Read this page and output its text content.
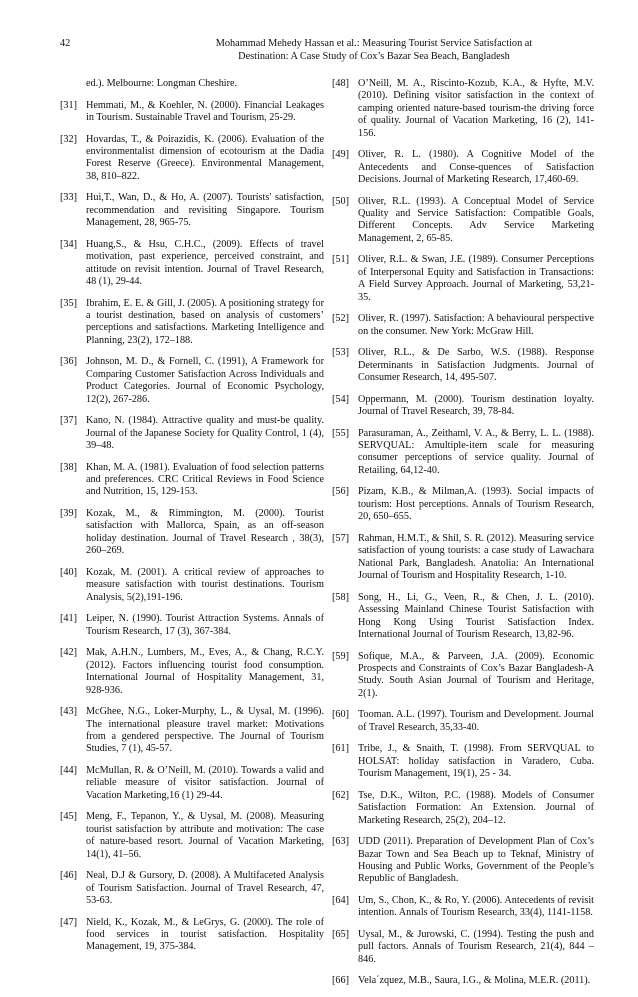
42	Mohammad Mehedy Hassan et al.: Measuring Tourist Service Satisfaction at
Destination: A Case Study of Cox’s Bazar Sea Beach, Bangladesh
ed.). Melbourne: Longman Cheshire.
[31] Hemmati, M., & Koehler, N. (2000). Financial Leakages in Tourism. Sustainable Travel and Tourism, 25-29.
[32] Hovardas, T., & Poirazidis, K. (2006). Evaluation of the environmentalist dimension of ecotourism at the Dadia Forest Reserve (Greece). Environmental Management, 38, 810–822.
[33] Hui,T., Wan, D., & Ho, A. (2007). Tourists' satisfaction, recommendation and revisiting Singapore. Tourism Management, 28, 965-75.
[34] Huang,S., & Hsu, C.H.C., (2009). Effects of travel motivation, past experience, perceived constraint, and attitude on revisit intention. Journal of Travel Research, 48 (1), 29-44.
[35] Ibrahim, E. E. & Gill, J. (2005). A positioning strategy for a tourist destination, based on analysis of customers’ perceptions and satisfactions. Marketing Intelligence and Planning, 23(2), 172–188.
[36] Johnson, M. D., & Fornell, C. (1991), A Framework for Comparing Customer Satisfaction Across Individuals and Product Categories. Journal of Economic Psychology, 12(2), 267-286.
[37] Kano, N. (1984). Attractive quality and must-be quality. Journal of the Japanese Society for Quality Control, 1 (4), 39–48.
[38] Khan, M. A. (1981). Evaluation of food selection patterns and preferences. CRC Critical Reviews in Food Science and Nutrition, 15, 129-153.
[39] Kozak, M., & Rimmington, M. (2000). Tourist satisfaction with Mallorca, Spain, as an off-season holiday destination. Journal of Travel Research , 38(3), 260–269.
[40] Kozak, M. (2001). A critical review of approaches to measure satisfaction with tourist destinations. Tourism Analysis, 5(2),191-196.
[41] Leiper, N. (1990). Tourist Attraction Systems. Annals of Tourism Research, 17 (3), 367-384.
[42] Mak, A.H.N., Lumbers, M., Eves, A., & Chang, R.C.Y. (2012). Factors influencing tourist food consumption. International Journal of Hospitality Management, 31, 928-936.
[43] McGhee, N.G., Loker-Murphy, L., & Uysal, M. (1996). The international pleasure travel market: Motivations from a gendered perspective. The Journal of Tourism Studies, 7 (1), 45-57.
[44] McMullan, R. & O’Neill, M. (2010). Towards a valid and reliable measure of visitor satisfaction. Journal of Vacation Marketing,16 (1) 29-44.
[45] Meng, F., Tepanon, Y., & Uysal, M. (2008). Measuring tourist satisfaction by attribute and motivation: The case of nature-based resort. Journal of Vacation Marketing, 14(1), 41–56.
[46] Neal, D.J & Gursory, D. (2008). A Multifaceted Analysis of Tourism Satisfaction. Journal of Travel Research, 47, 53-63.
[47] Nield, K., Kozak, M., & LeGrys, G. (2000). The role of food services in tourist satisfaction. Hospitality Management, 19, 375-384.
[48] O’Neill, M. A., Riscinto-Kozub, K.A., & Hyfte, M.V. (2010). Defining visitor satisfaction in the context of camping oriented nature-based tourism-the driving force of quality. Journal of Vacation Marketing, 16 (2), 141-156.
[49] Oliver, R. L. (1980). A Cognitive Model of the Antecedents and Conse-quences of Satisfaction Decisions. Journal of Marketing Research, 17,460-69.
[50] Oliver, R.L. (1993). A Conceptual Model of Service Quality and Service Satisfaction: Compatible Goals, Different Concepts. Adv Service Marketing Management, 2, 65-85.
[51] Oliver, R.L. & Swan, J.E. (1989). Consumer Perceptions of Interpersonal Equity and Satisfaction in Transactions: A Field Survey Approach. Journal of Marketing, 53,21-35.
[52] Oliver, R. (1997). Satisfaction: A behavioural perspective on the consumer. New York: McGraw Hill.
[53] Oliver, R.L., & De Sarbo, W.S. (1988). Response Determinants in Satisfaction Judgments. Journal of Consumer Research, 14, 495-507.
[54] Oppermann, M. (2000). Tourism destination loyalty. Journal of Travel Research, 39, 78-84.
[55] Parasuraman, A., Zeithaml, V. A., & Berry, L. L. (1988). SERVQUAL: Amultiple-item scale for measuring consumer perceptions of service quality. Journal of Retailing, 64,12-40.
[56] Pizam, K.B., & Milman,A. (1993). Social impacts of tourism: Host perceptions. Annals of Tourism Research, 20, 650–655.
[57] Rahman, H.M.T., & Shil, S. R. (2012). Measuring service satisfaction of young tourists: a case study of Lawachara National Park, Bangladesh. Anatolia: An International Journal of Tourism and Hospitality Research, 1-10.
[58] Song, H., Li, G., Veen, R., & Chen, J. L. (2010). Assessing Mainland Chinese Tourist Satisfaction with Hong Kong Using Tourist Satisfaction Index. International Journal of Tourism Research, 13,82-96.
[59] Sofique, M.A., & Parveen, J.A. (2009). Economic Prospects and Constraints of Cox’s Bazar Bangladesh-A Study. South Asian Journal of Tourism and Heritage, 2(1).
[60] Tooman. A.L. (1997). Tourism and Development. Journal of Travel Research, 35,33-40.
[61] Tribe, J., & Snaith, T. (1998). From SERVQUAL to HOLSAT: holiday satisfaction in Varadero, Cuba. Tourism Management, 19(1), 25 - 34.
[62] Tse, D.K., Wilton, P.C. (1988). Models of Consumer Satisfaction Formation: An Extension. Journal of Marketing Research, 25(2), 204–12.
[63] UDD (2011). Preparation of Development Plan of Cox’s Bazar Town and Sea Beach up to Teknaf, Ministry of Housing and Public Works, Government of the People’s Republic of Bangladesh.
[64] Um, S., Chon, K., & Ro, Y. (2006). Antecedents of revisit intention. Annals of Tourism Research, 33(4), 1141-1158.
[65] Uysal, M., & Jurowski, C. (1994). Testing the push and pull factors. Annals of Tourism Research, 21(4), 844 – 846.
[66] Vela´zquez, M.B., Saura, I.G., & Molina, M.E.R. (2011).
